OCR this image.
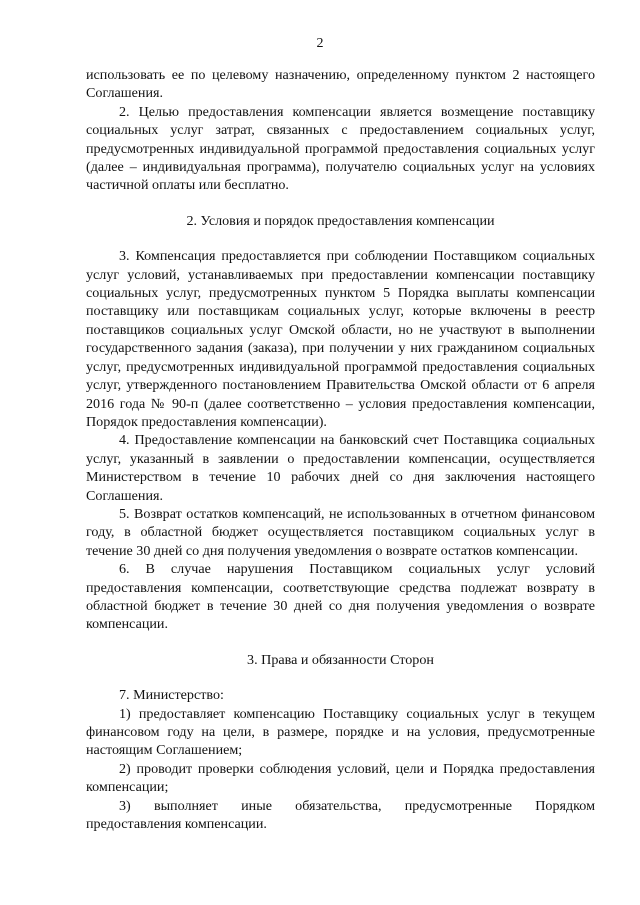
2

использовать ее по целевому назначению, определенному пунктом 2 настоящего Соглашения.

2. Целью предоставления компенсации является возмещение поставщику социальных услуг затрат, связанных с предоставлением социальных услуг, предусмотренных индивидуальной программой предоставления социальных услуг (далее – индивидуальная программа), получателю социальных услуг на условиях частичной оплаты или бесплатно.

2. Условия и порядок предоставления компенсации

3. Компенсация предоставляется при соблюдении Поставщиком социальных услуг условий, устанавливаемых при предоставлении компенсации поставщику социальных услуг, предусмотренных пунктом 5 Порядка выплаты компенсации поставщику или поставщикам социальных услуг, которые включены в реестр поставщиков социальных услуг Омской области, но не участвуют в выполнении государственного задания (заказа), при получении у них гражданином социальных услуг, предусмотренных индивидуальной программой предоставления социальных услуг, утвержденного постановлением Правительства Омской области от 6 апреля 2016 года № 90-п (далее соответственно – условия предоставления компенсации, Порядок предоставления компенсации).

4. Предоставление компенсации на банковский счет Поставщика социальных услуг, указанный в заявлении о предоставлении компенсации, осуществляется Министерством в течение 10 рабочих дней со дня заключения настоящего Соглашения.

5. Возврат остатков компенсаций, не использованных в отчетном финансовом году, в областной бюджет осуществляется поставщиком социальных услуг в течение 30 дней со дня получения уведомления о возврате остатков компенсации.

6. В случае нарушения Поставщиком социальных услуг условий предоставления компенсации, соответствующие средства подлежат возврату в областной бюджет в течение 30 дней со дня получения уведомления о возврате компенсации.

3. Права и обязанности Сторон

7. Министерство:

1) предоставляет компенсацию Поставщику социальных услуг в текущем финансовом году на цели, в размере, порядке и на условия, предусмотренные настоящим Соглашением;

2) проводит проверки соблюдения условий, цели и Порядка предоставления компенсации;

3) выполняет иные обязательства, предусмотренные Порядком предоставления компенсации.
